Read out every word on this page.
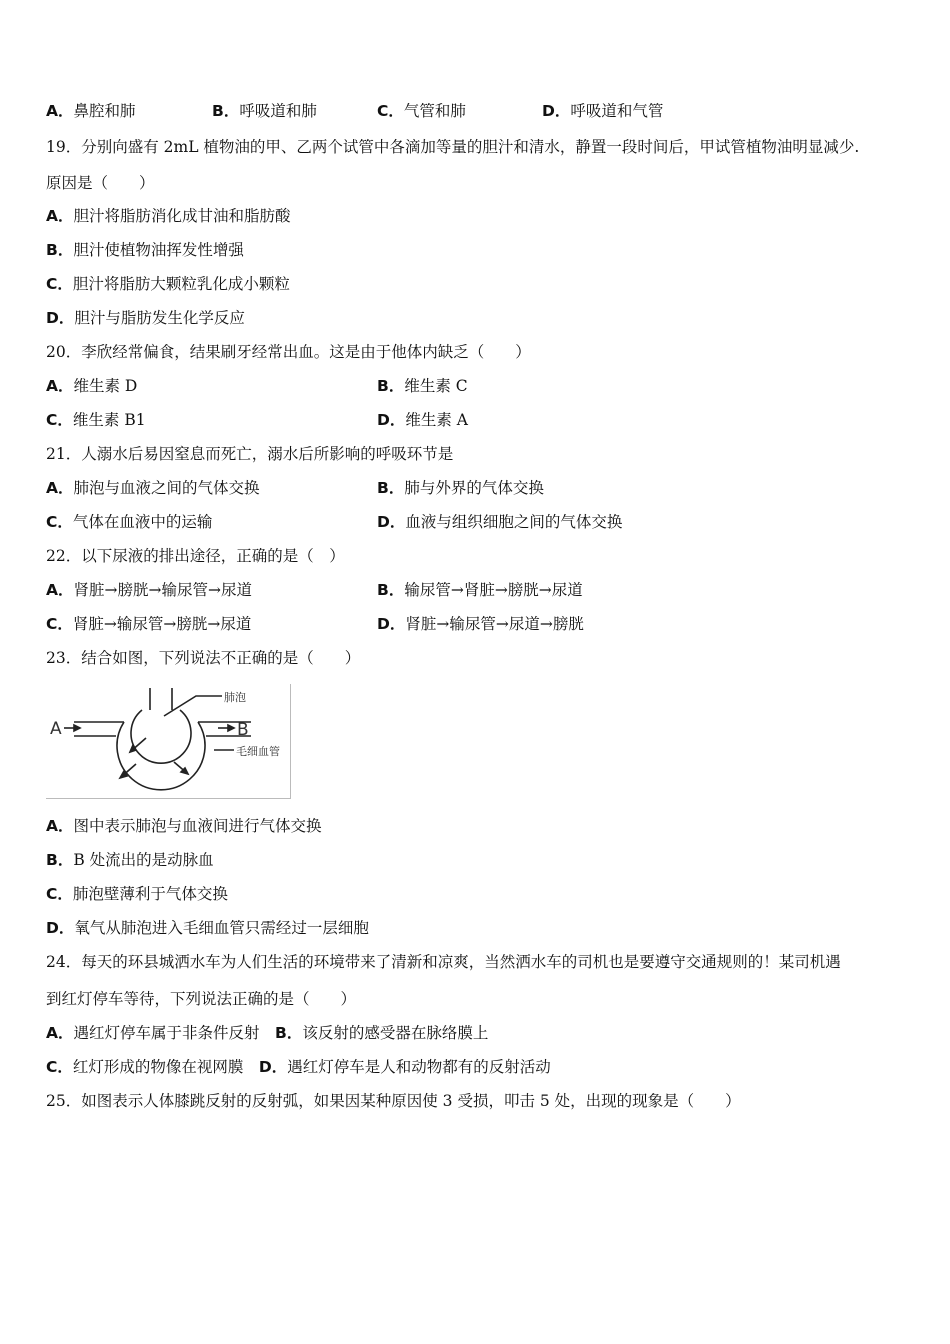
A．鼻腔和肺	B．呼吸道和肺	C．气管和肺	D．呼吸道和气管
19．分别向盛有 2mL 植物油的甲、乙两个试管中各滴加等量的胆汁和清水，静置一段时间后，甲试管植物油明显减少.
原因是（　　）
A．胆汁将脂肪消化成甘油和脂肪酸
B．胆汁使植物油挥发性增强
C．胆汁将脂肪大颗粒乳化成小颗粒
D．胆汁与脂肪发生化学反应
20．李欣经常偏食，结果刷牙经常出血。这是由于他体内缺乏（　　）
A．维生素 D	B．维生素 C
C．维生素 B1	D．维生素 A
21．人溺水后易因窒息而死亡，溺水后所影响的呼吸环节是
A．肺泡与血液之间的气体交换	B．肺与外界的气体交换
C．气体在血液中的运输	D．血液与组织细胞之间的气体交换
22．以下尿液的排出途径，正确的是（　）
A．肾脏→膀胱→输尿管→尿道	B．输尿管→肾脏→膀胱→尿道
C．肾脏→输尿管→膀胱→尿道	D．肾脏→输尿管→尿道→膀胱
23．结合如图，下列说法不正确的是（　　）
A	B
肺泡
毛细血管
A．图中表示肺泡与血液间进行气体交换
B．B 处流出的是动脉血
C．肺泡壁薄利于气体交换
D．氧气从肺泡进入毛细血管只需经过一层细胞
24．每天的环县城洒水车为人们生活的环境带来了清新和凉爽，当然洒水车的司机也是要遵守交通规则的！某司机遇
到红灯停车等待，下列说法正确的是（　　）
A．遇红灯停车属于非条件反射　B．该反射的感受器在脉络膜上
C．红灯形成的物像在视网膜　D．遇红灯停车是人和动物都有的反射活动
25．如图表示人体膝跳反射的反射弧，如果因某种原因使 3 受损，叩击 5 处，出现的现象是（　　）
